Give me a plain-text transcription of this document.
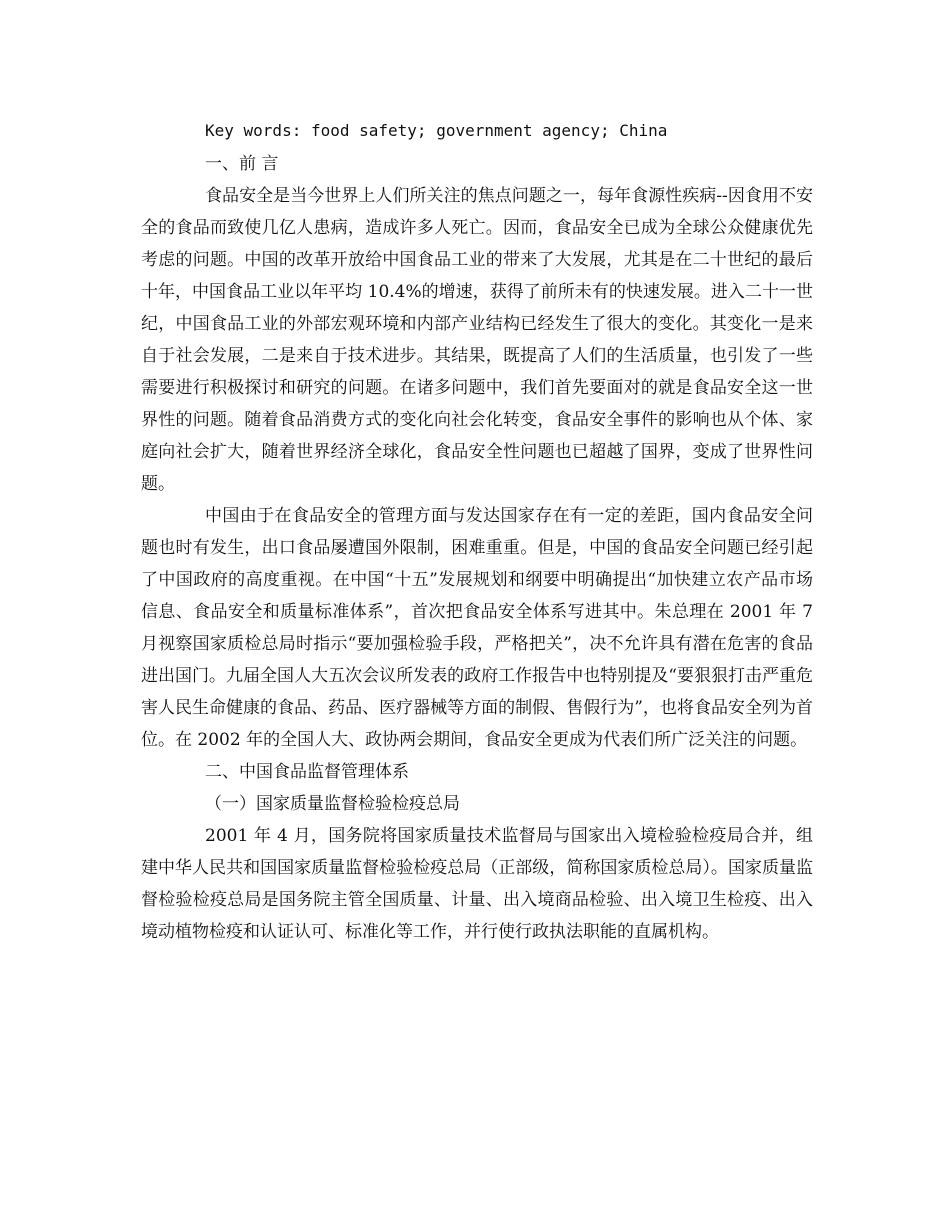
Key words: food safety; government agency; China

一、前 言

食品安全是当今世界上人们所关注的焦点问题之一，每年食源性疾病--因食用不安全的食品而致使几亿人患病，造成许多人死亡。因而，食品安全已成为全球公众健康优先考虑的问题。中国的改革开放给中国食品工业的带来了大发展，尤其是在二十世纪的最后十年，中国食品工业以年平均 10.4%的增速，获得了前所未有的快速发展。进入二十一世纪，中国食品工业的外部宏观环境和内部产业结构已经发生了很大的变化。其变化一是来自于社会发展，二是来自于技术进步。其结果，既提高了人们的生活质量，也引发了一些需要进行积极探讨和研究的问题。在诸多问题中，我们首先要面对的就是食品安全这一世界性的问题。随着食品消费方式的变化向社会化转变，食品安全事件的影响也从个体、家庭向社会扩大，随着世界经济全球化，食品安全性问题也已超越了国界，变成了世界性问题。

中国由于在食品安全的管理方面与发达国家存在有一定的差距，国内食品安全问题也时有发生，出口食品屡遭国外限制，困难重重。但是，中国的食品安全问题已经引起了中国政府的高度重视。在中国“十五”发展规划和纲要中明确提出“加快建立农产品市场信息、食品安全和质量标准体系”，首次把食品安全体系写进其中。朱总理在 2001 年 7 月视察国家质检总局时指示“要加强检验手段，严格把关”，决不允许具有潜在危害的食品进出国门。九届全国人大五次会议所发表的政府工作报告中也特别提及“要狠狠打击严重危害人民生命健康的食品、药品、医疗器械等方面的制假、售假行为”，也将食品安全列为首位。在 2002 年的全国人大、政协两会期间，食品安全更成为代表们所广泛关注的问题。

二、中国食品监督管理体系

（一）国家质量监督检验检疫总局

2001 年 4 月，国务院将国家质量技术监督局与国家出入境检验检疫局合并，组建中华人民共和国国家质量监督检验检疫总局（正部级，简称国家质检总局）。国家质量监督检验检疫总局是国务院主管全国质量、计量、出入境商品检验、出入境卫生检疫、出入境动植物检疫和认证认可、标准化等工作，并行使行政执法职能的直属机构。
